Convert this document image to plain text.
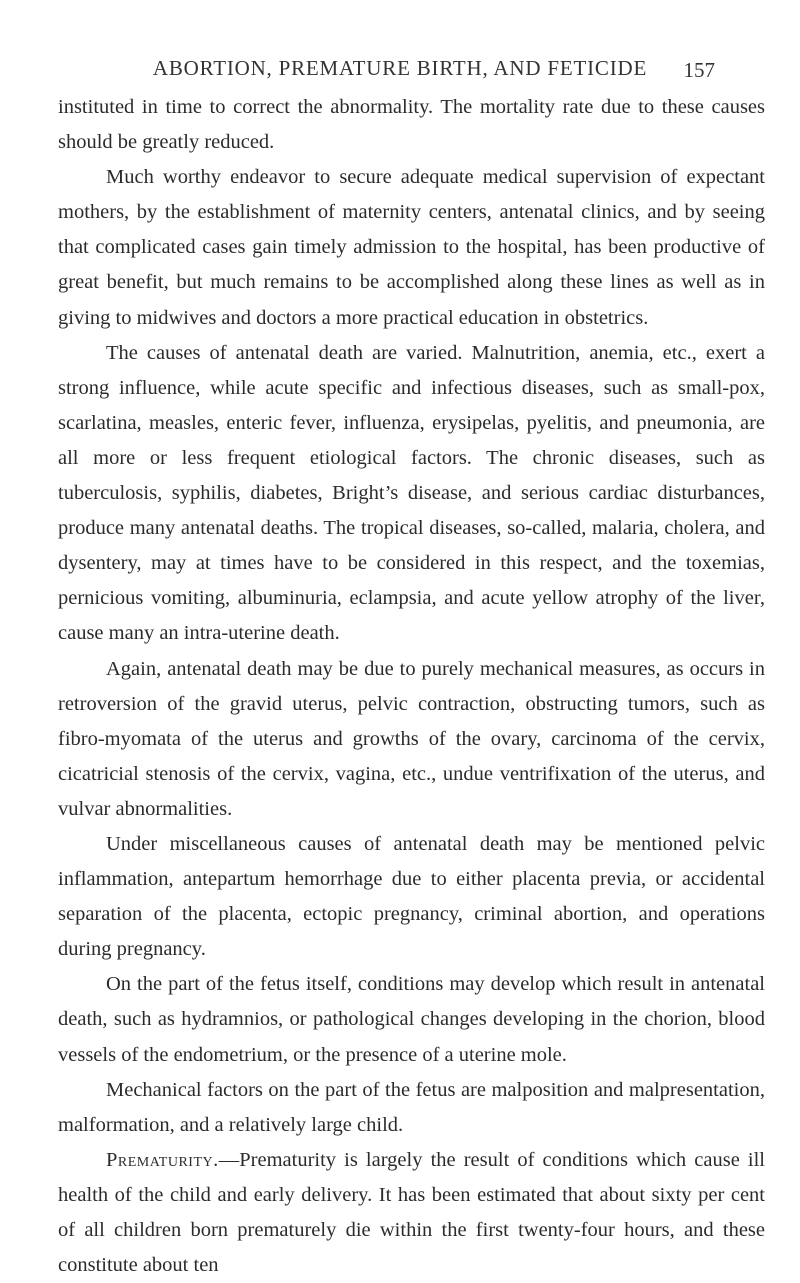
ABORTION, PREMATURE BIRTH, AND FETICIDE	157

instituted in time to correct the abnormality. The mortality rate due to these causes should be greatly reduced.

Much worthy endeavor to secure adequate medical supervision of expectant mothers, by the establishment of maternity centers, antenatal clinics, and by seeing that complicated cases gain timely admission to the hospital, has been productive of great benefit, but much remains to be accomplished along these lines as well as in giving to midwives and doctors a more practical education in obstetrics.

The causes of antenatal death are varied. Malnutrition, anemia, etc., exert a strong influence, while acute specific and infectious diseases, such as small-pox, scarlatina, measles, enteric fever, influenza, erysipelas, pyelitis, and pneumonia, are all more or less frequent etiological factors. The chronic diseases, such as tuberculosis, syphilis, diabetes, Bright’s disease, and serious cardiac disturbances, produce many antenatal deaths. The tropical diseases, so-called, malaria, cholera, and dysentery, may at times have to be considered in this respect, and the toxemias, pernicious vomiting, albuminuria, eclampsia, and acute yellow atrophy of the liver, cause many an intra-uterine death.

Again, antenatal death may be due to purely mechanical measures, as occurs in retroversion of the gravid uterus, pelvic contraction, obstructing tumors, such as fibro-myomata of the uterus and growths of the ovary, carcinoma of the cervix, cicatricial stenosis of the cervix, vagina, etc., undue ventrifixation of the uterus, and vulvar abnormalities.

Under miscellaneous causes of antenatal death may be mentioned pelvic inflammation, antepartum hemorrhage due to either placenta previa, or accidental separation of the placenta, ectopic pregnancy, criminal abortion, and operations during pregnancy.

On the part of the fetus itself, conditions may develop which result in antenatal death, such as hydramnios, or pathological changes developing in the chorion, blood vessels of the endometrium, or the presence of a uterine mole.

Mechanical factors on the part of the fetus are malposition and malpresentation, malformation, and a relatively large child.

Prematurity.—Prematurity is largely the result of conditions which cause ill health of the child and early delivery. It has been estimated that about sixty per cent of all children born prematurely die within the first twenty-four hours, and these constitute about ten
